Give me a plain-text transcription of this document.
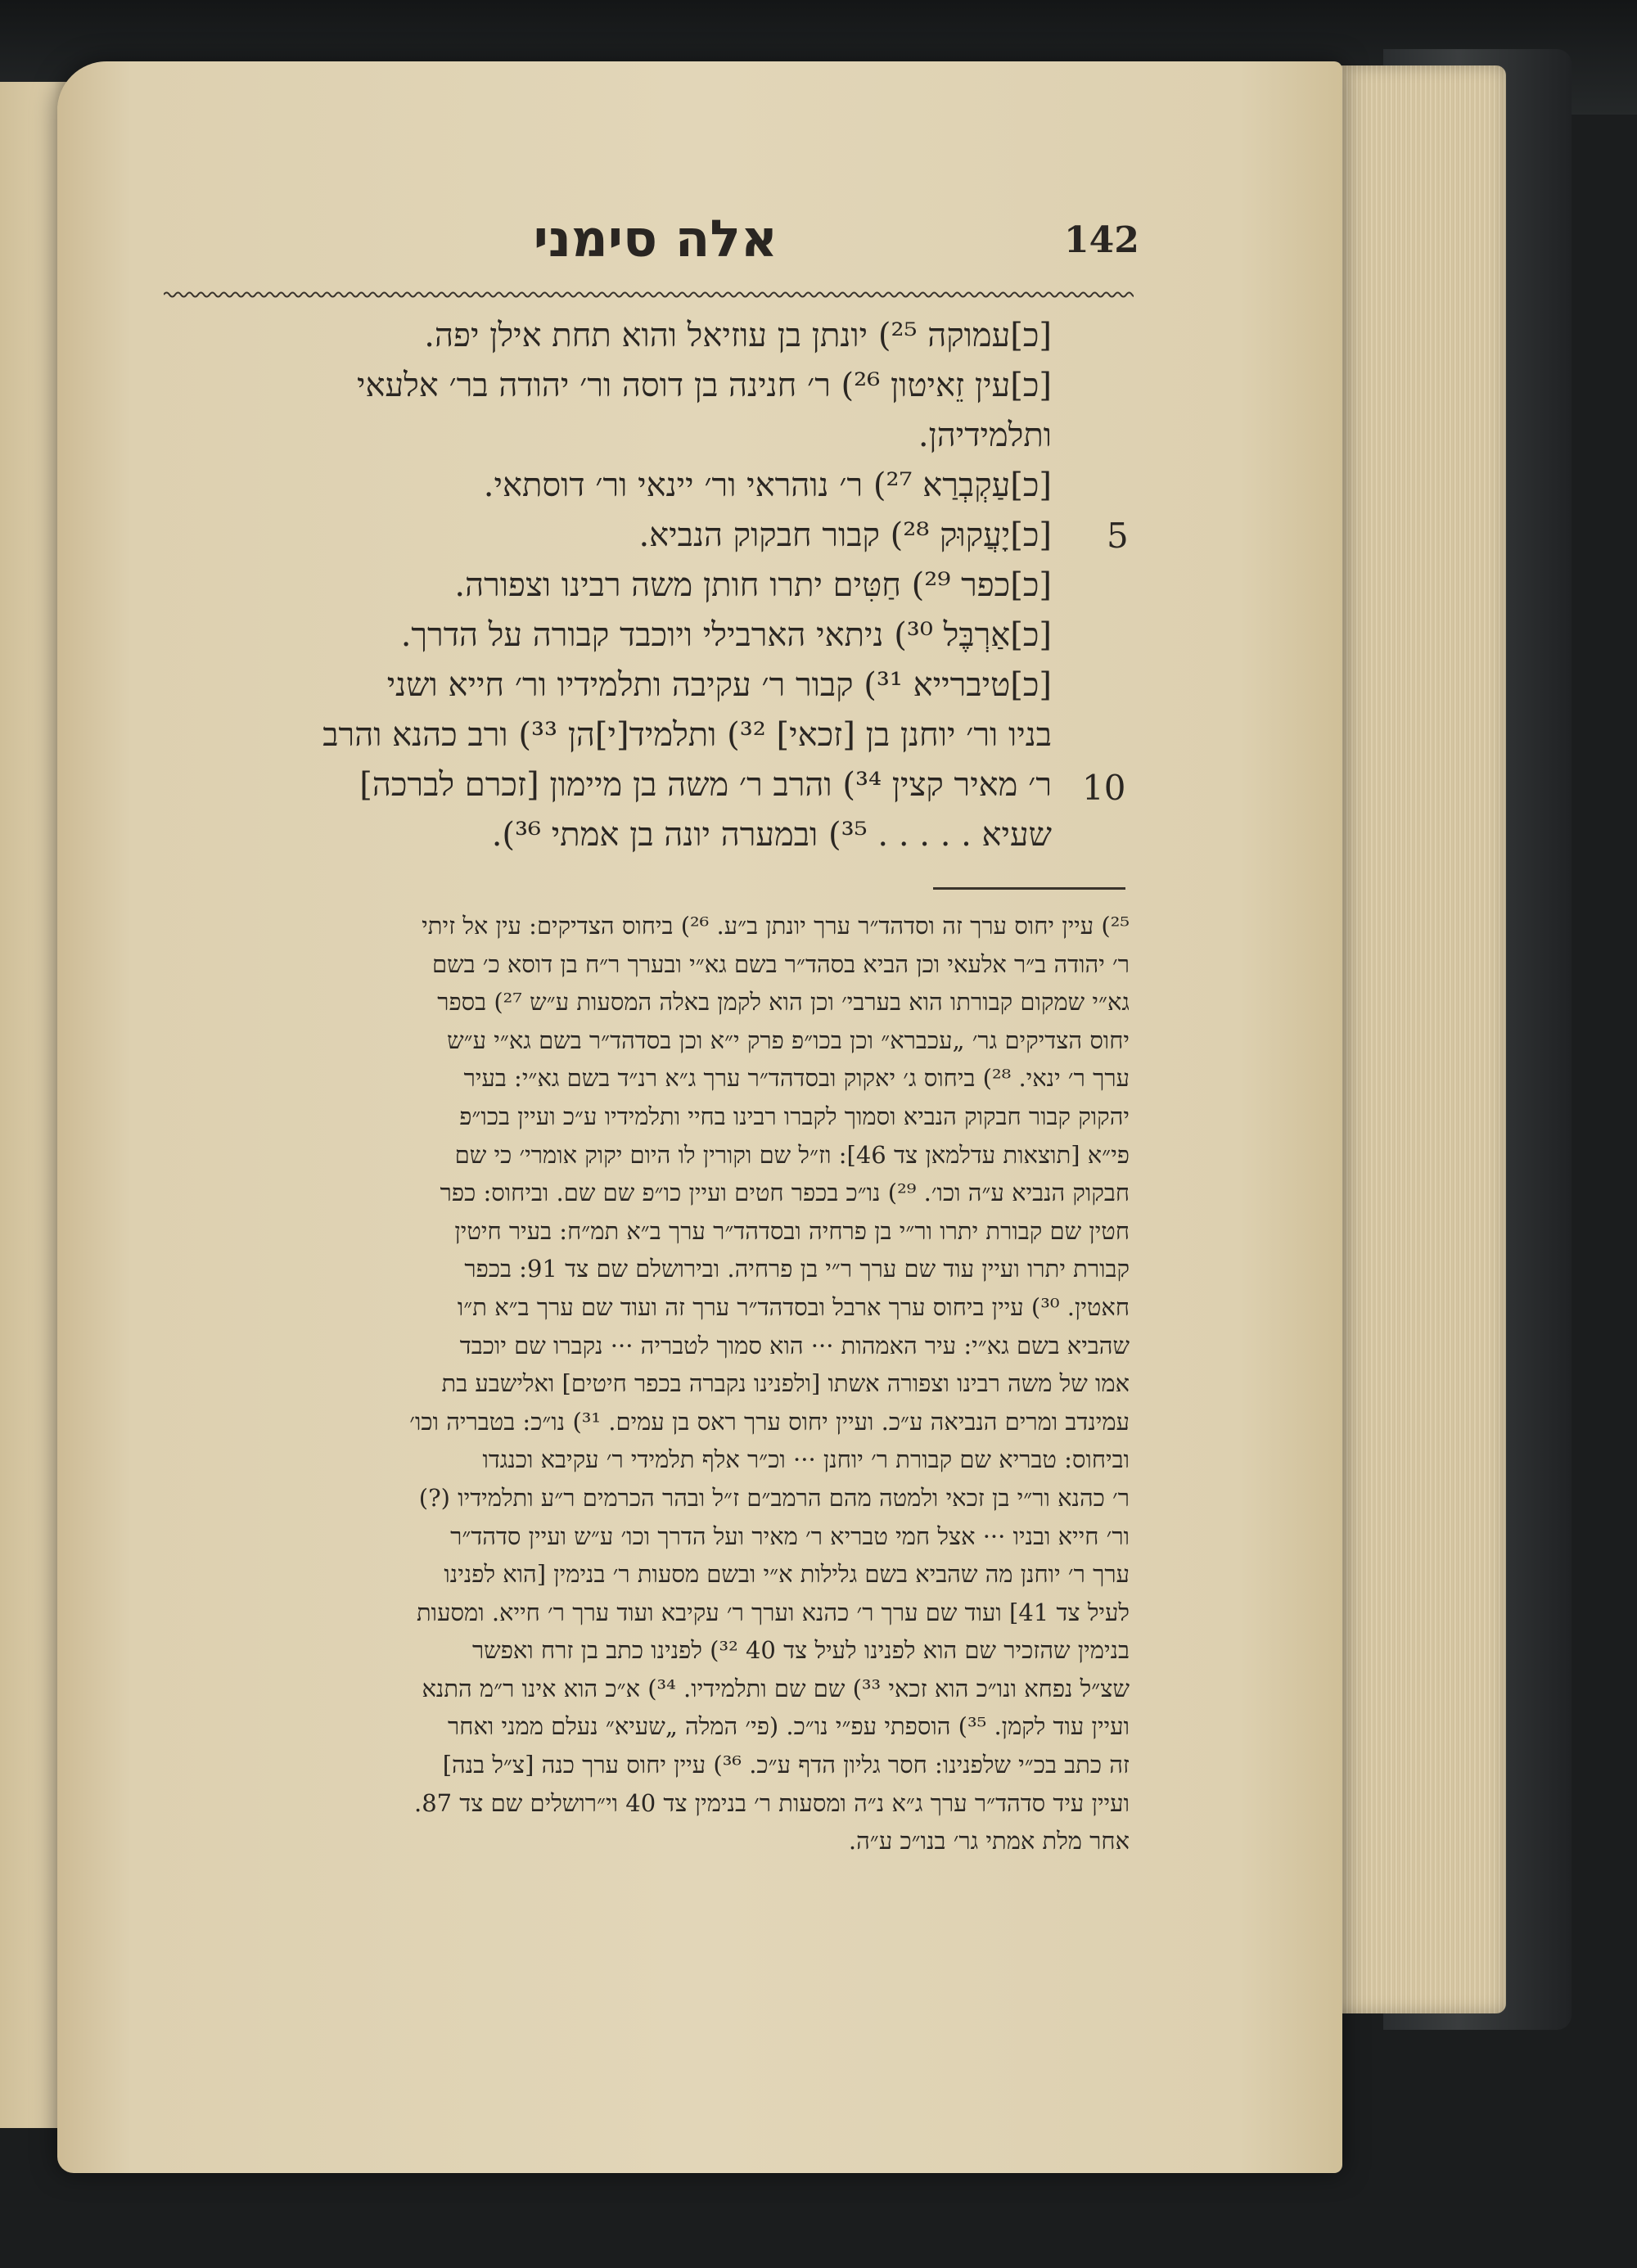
אלה סימני	142
[כ]עמוקה ²⁵) יונתן בן עוזיאל והוא תחת אילן יפה.
[כ]עין זֵאיטון ²⁶) ר׳ חנינה בן דוסה ור׳ יהודה בר׳ אלעאי
ותלמידיהן.
[כ]עַקְבְרַא ²⁷) ר׳ נוהראי ור׳ יינאי ור׳ דוסתאי.
[כ]יָעֲקוּק ²⁸) קבור חבקוק הנביא.
[כ]כפר ²⁹) חַטִּים יתרו חותן משה רבינו וצפורה.
[כ]אַרְבֶּל ³⁰) ניתאי הארבילי ויוכבד קבורה על הדרך.
[כ]טיברייא ³¹) קבור ר׳ עקיבה ותלמידיו ור׳ חייא ושני
בניו ור׳ יוחנן בן [זכאי] ³²) ותלמיד[י]הן ³³) ורב כהנא והרב
ר׳ מאיר קצין ³⁴) והרב ר׳ משה בן מיימון [זכרם לברכה]
שעיא . . . . . ³⁵) ובמערה יונה בן אמתי ³⁶).
5
10
²⁵) עיין יחוס ערך זה וסדהד״ר ערך יונתן ב״ע. ²⁶) ביחוס הצדיקים: עין אל זיתי
ר׳ יהודה ב״ר אלעאי וכן הביא בסהד״ר בשם גא״י ובערך ר״ח בן דוסא כ׳ בשם
גא״י שמקום קבורתו הוא בערבי׳ וכן הוא לקמן באלה המסעות ע״ש ²⁷) בספר
יחוס הצדיקים גר׳ „עכברא״ וכן בכו״פ פרק י״א וכן בסדהד״ר בשם גא״י ע״ש
ערך ר׳ ינאי. ²⁸) ביחוס ג׳ יאקוק ובסדהד״ר ערך ג״א רנ״ד בשם גא״י: בעיר
יהקוק קבור חבקוק הנביא וסמוך לקברו רבינו בחיי ותלמידיו ע״כ ועיין בכו״פ
פי״א [תוצאות עדלמאן צד 46]: וז״ל שם וקורין לו היום יקוק אומרי׳ כי שם
חבקוק הנביא ע״ה וכו׳. ²⁹) נו״כ בכפר חטים ועיין כו״פ שם שם. וביחוס: כפר
חטין שם קבורת יתרו ור״י בן פרחיה ובסדהד״ר ערך ב״א תמ״ח: בעיר חיטין
קבורת יתרו ועיין עוד שם ערך ר״י בן פרחיה. ובירושלם שם צד 91: בכפר
חאטין. ³⁰) עיין ביחוס ערך ארבל ובסדהד״ר ערך זה ועוד שם ערך ב״א ת״ו
שהביא בשם גא״י: עיר האמהות ··· הוא סמוך לטבריה ··· נקברו שם יוכבד
אמו של משה רבינו וצפורה אשתו [ולפנינו נקברה בכפר חיטים] ואלישבע בת
עמינדב ומרים הנביאה ע״כ. ועיין יחוס ערך ראס בן עמים. ³¹) נו״כ: בטבריה וכו׳
וביחוס: טבריא שם קבורת ר׳ יוחנן ··· וכ״ר אלף תלמידי ר׳ עקיבא וכנגדו
ר׳ כהנא ור״י בן זכאי ולמטה מהם הרמב״ם ז״ל ובהר הכרמים ר״ע ותלמידיו (?)
ור׳ חייא ובניו ··· אצל חמי טבריא ר׳ מאיר ועל הדרך וכו׳ ע״ש ועיין סדהד״ר
ערך ר׳ יוחנן מה שהביא בשם גלילות א״י ובשם מסעות ר׳ בנימין [הוא לפנינו
לעיל צד 41] ועוד שם ערך ר׳ כהנא וערך ר׳ עקיבא ועוד ערך ר׳ חייא. ומסעות
בנימין שהזכיר שם הוא לפנינו לעיל צד 40 ³²) לפנינו כתב בן זרח ואפשר
שצ״ל נפחא ונו״כ הוא זכאי ³³) שם שם ותלמידיו. ³⁴) א״כ הוא אינו ר״מ התנא
ועיין עוד לקמן. ³⁵) הוספתי עפ״י נו״כ. (פי׳ המלה „שעיא״ נעלם ממני ואחר
זה כתב בכ״י שלפנינו: חסר גליון הדף ע״כ. ³⁶) עיין יחוס ערך כנה [צ״ל בנה]
ועיין עיד סדהד״ר ערך ג״א נ״ה ומסעות ר׳ בנימין צד 40 וי״רושלים שם צד 87.
אחר מלת אמתי גר׳ בנו״כ ע״ה.
